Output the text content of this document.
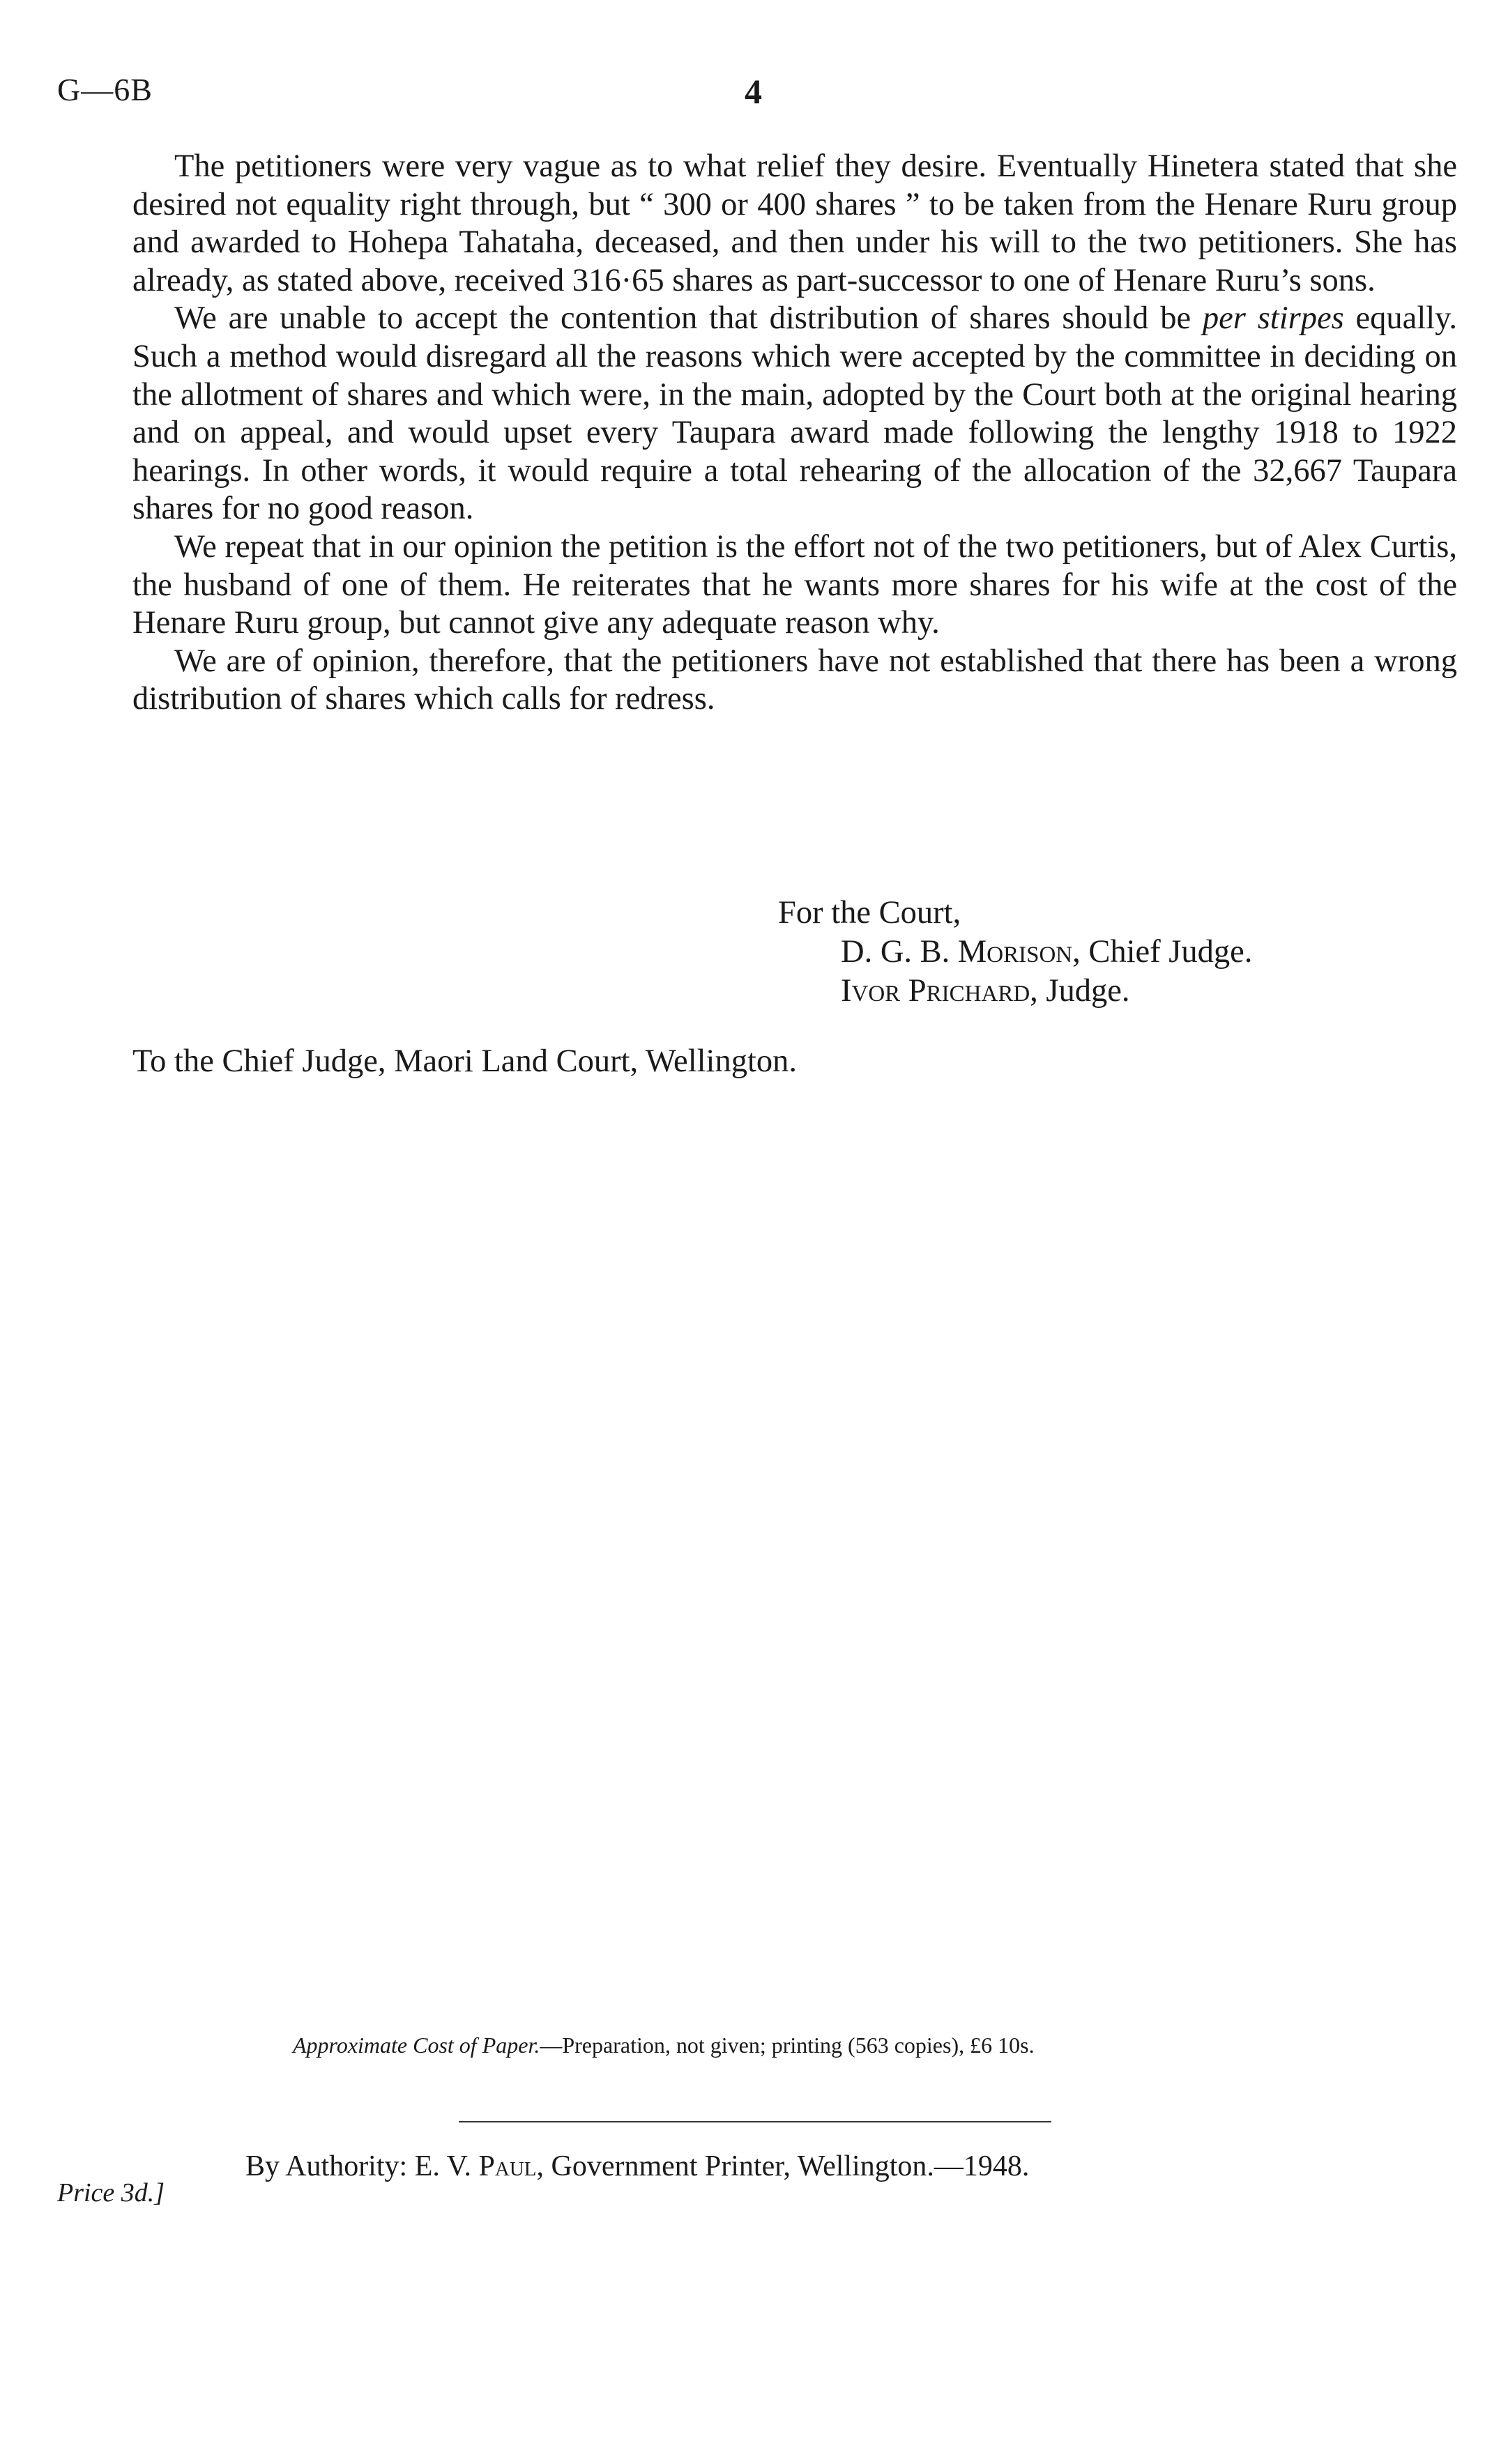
G—6B	4

The petitioners were very vague as to what relief they desire. Eventually Hinetera stated that she desired not equality right through, but “ 300 or 400 shares ” to be taken from the Henare Ruru group and awarded to Hohepa Tahataha, deceased, and then under his will to the two petitioners. She has already, as stated above, received 316·65 shares as part-successor to one of Henare Ruru’s sons.

We are unable to accept the contention that distribution of shares should be per stirpes equally. Such a method would disregard all the reasons which were accepted by the committee in deciding on the allotment of shares and which were, in the main, adopted by the Court both at the original hearing and on appeal, and would upset every Taupara award made following the lengthy 1918 to 1922 hearings. In other words, it would require a total rehearing of the allocation of the 32,667 Taupara shares for no good reason.

We repeat that in our opinion the petition is the effort not of the two petitioners, but of Alex Curtis, the husband of one of them. He reiterates that he wants more shares for his wife at the cost of the Henare Ruru group, but cannot give any adequate reason why.

We are of opinion, therefore, that the petitioners have not established that there has been a wrong distribution of shares which calls for redress.

For the Court,
D. G. B. Morison, Chief Judge.
Ivor Prichard, Judge.
To the Chief Judge, Maori Land Court, Wellington.
Approximate Cost of Paper.—Preparation, not given; printing (563 copies), £6 10s.
By Authority: E. V. Paul, Government Printer, Wellington.—1948.
Price 3d.]
